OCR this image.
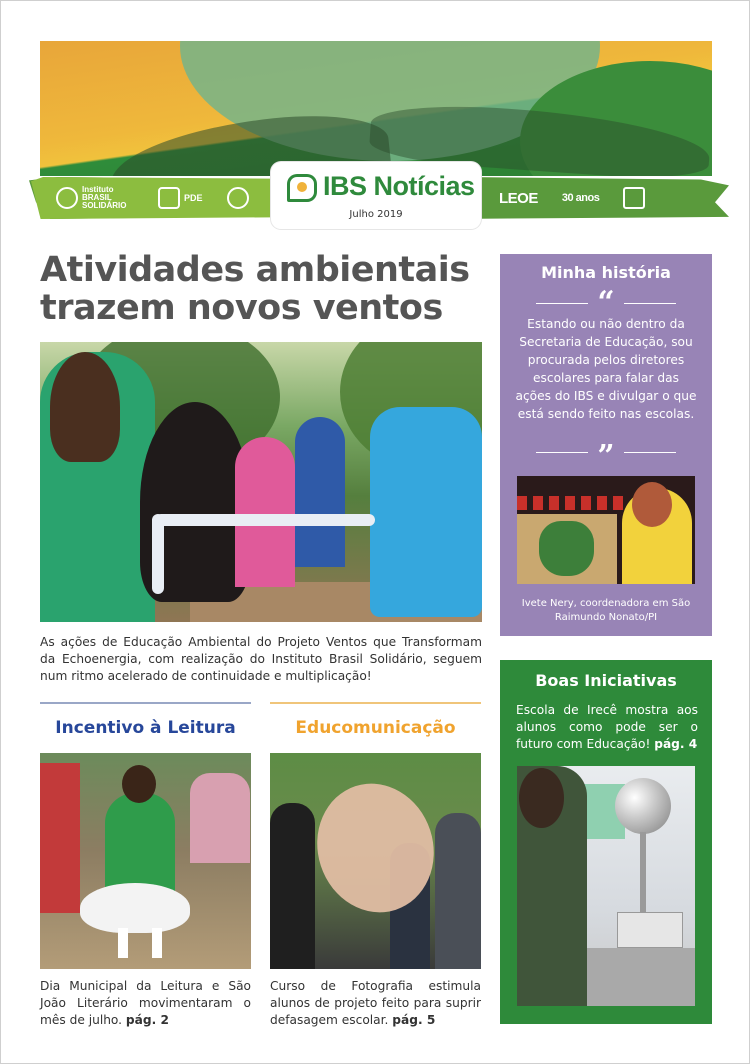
Instituto BRASIL SOLIDÁRIO
PDE	LEOE 30 anos
IBS Notícias
Julho 2019
Atividades ambientais trazem novos ventos

As ações de Educação Ambiental do Projeto Ventos que Transformam da Echoenergia, com realização do Instituto Brasil Solidário, seguem num ritmo acelerado de continuidade e multiplicação!

Incentivo à Leitura	Educomunicação

Dia Municipal da Leitura e São João Literário movimentaram o mês de julho. pág. 2

Curso de Fotografia estimula alunos de projeto feito para suprir defasagem escolar. pág. 5

Minha história
“
Estando ou não dentro da Secretaria de Educação, sou procurada pelos diretores escolares para falar das ações do IBS e divulgar o que está sendo feito nas escolas.
”
Ivete Nery, coordenadora em São Raimundo Nonato/PI
Boas Iniciativas

Escola de Irecê mostra aos alunos como pode ser o futuro com Educação! pág. 4
